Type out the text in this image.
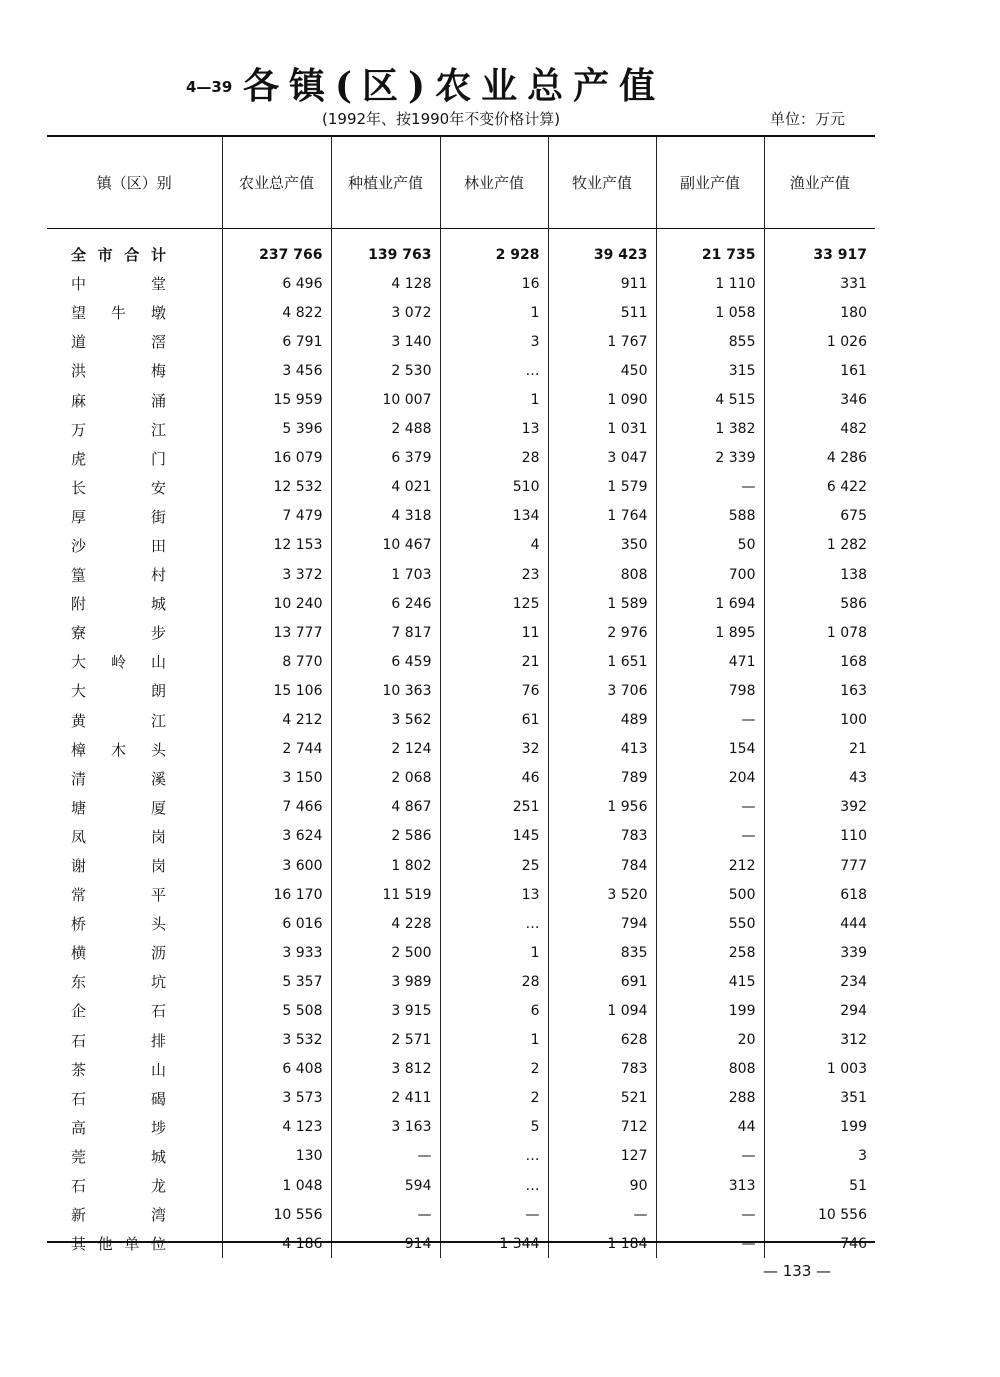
4—39 各镇(区)农业总产值
(1992年、按1990年不变价格计算)	单位：万元
镇（区）别	农业总产值	种植业产值	林业产值	牧业产值	副业产值	渔业产值

全 市 合 计	237 766	139 763	2 928	39 423	21 735	33 917

中 堂	6 496	4 128	16	911	1 110	331

望 牛 墩	4 822	3 072	1	511	1 058	180

道 滘	6 791	3 140	3	1 767	855	1 026

洪 梅	3 456	2 530	…	450	315	161

麻 涌	15 959	10 007	1	1 090	4 515	346

万 江	5 396	2 488	13	1 031	1 382	482

虎 门	16 079	6 379	28	3 047	2 339	4 286

长 安	12 532	4 021	510	1 579	—	6 422

厚 街	7 479	4 318	134	1 764	588	675

沙 田	12 153	10 467	4	350	50	1 282

篁 村	3 372	1 703	23	808	700	138

附 城	10 240	6 246	125	1 589	1 694	586

寮 步	13 777	7 817	11	2 976	1 895	1 078

大 岭 山	8 770	6 459	21	1 651	471	168

大 朗	15 106	10 363	76	3 706	798	163

黄 江	4 212	3 562	61	489	—	100

樟 木 头	2 744	2 124	32	413	154	21

清 溪	3 150	2 068	46	789	204	43

塘 厦	7 466	4 867	251	1 956	—	392

凤 岗	3 624	2 586	145	783	—	110

谢 岗	3 600	1 802	25	784	212	777

常 平	16 170	11 519	13	3 520	500	618

桥 头	6 016	4 228	…	794	550	444

横 沥	3 933	2 500	1	835	258	339

东 坑	5 357	3 989	28	691	415	234

企 石	5 508	3 915	6	1 094	199	294

石 排	3 532	2 571	1	628	20	312

茶 山	6 408	3 812	2	783	808	1 003

石 碣	3 573	2 411	2	521	288	351

高 埗	4 123	3 163	5	712	44	199

莞 城	130	—	…	127	—	3

石 龙	1 048	594	…	90	313	51

新 湾	10 556	—	—	—	—	10 556

其 他 单 位	4 186	914	1 344	1 184	—	746
— 133 —
